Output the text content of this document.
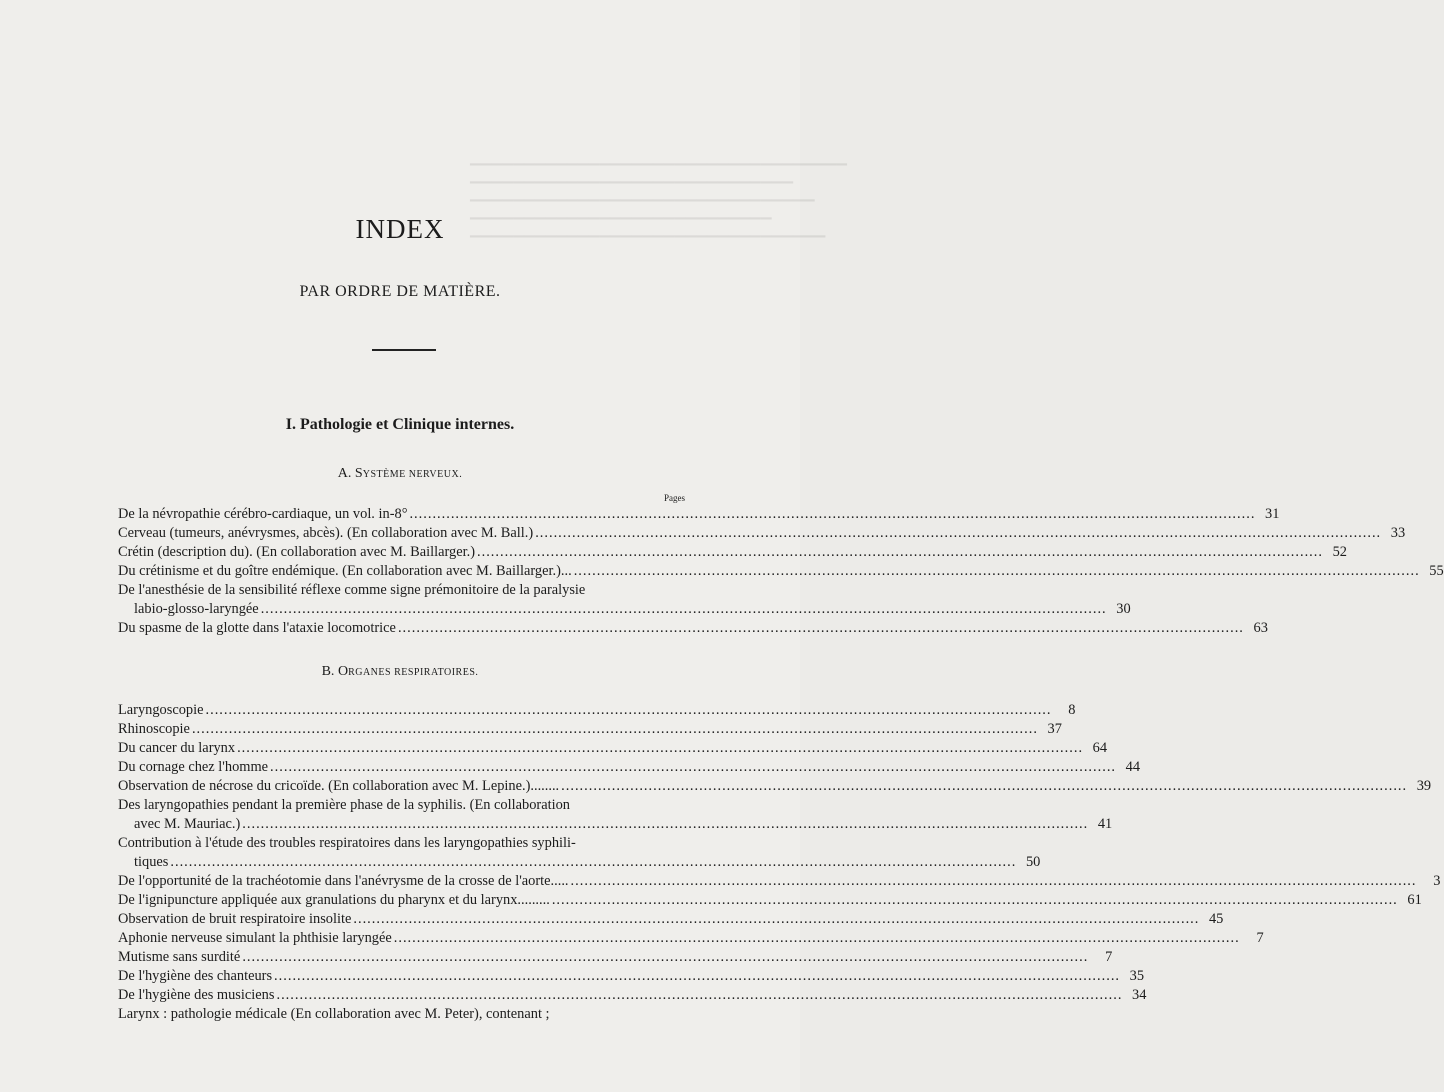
▁▁▁▁▁▁▁▁▁▁▁▁▁▁▁▁▁▁▁▁▁▁▁▁▁▁▁▁▁▁▁▁▁▁▁
▁▁▁▁▁▁▁▁▁▁▁▁▁▁▁▁▁▁▁▁▁▁▁▁▁▁▁▁▁▁
▁▁▁▁▁▁▁▁▁▁▁▁▁▁▁▁▁▁▁▁▁▁▁▁▁▁▁▁▁▁▁▁
▁▁▁▁▁▁▁▁▁▁▁▁▁▁▁▁▁▁▁▁▁▁▁▁▁▁▁▁
▁▁▁▁▁▁▁▁▁▁▁▁▁▁▁▁▁▁▁▁▁▁▁▁▁▁▁▁▁▁▁▁▁
INDEX
PAR ORDRE DE MATIÈRE.
I. Pathologie et Clinique internes.
A. SYSTÈME NERVEUX.
Pages
De la névropathie cérébro-cardiaque, un vol. in-8° .....	31
Cerveau (tumeurs, anévrysmes, abcès). (En collaboration avec M. Ball.) .....	33
Crétin (description du). (En collaboration avec M. Baillarger.) .....	52
Du crétinisme et du goître endémique. (En collaboration avec M. Baillarger.)... .....	55
De l'anesthésie de la sensibilité réflexe comme signe prémonitoire de la paralysie
labio-glosso-laryngée .....	30
Du spasme de la glotte dans l'ataxie locomotrice .....	63
B. ORGANES RESPIRATOIRES.
Laryngoscopie .....	8
Rhinoscopie .....	37
Du cancer du larynx .....	64
Du cornage chez l'homme .....	44
Observation de nécrose du cricoïde. (En collaboration avec M. Lepine.)........ .....	39
Des laryngopathies pendant la première phase de la syphilis. (En collaboration
avec M. Mauriac.) .....	41
Contribution à l'étude des troubles respiratoires dans les laryngopathies syphili-
tiques .....	50
De l'opportunité de la trachéotomie dans l'anévrysme de la crosse de l'aorte..... .....	3
De l'ignipuncture appliquée aux granulations du pharynx et du larynx......... .....	61
Observation de bruit respiratoire insolite .....	45
Aphonie nerveuse simulant la phthisie laryngée .....	7
Mutisme sans surdité .....	7
De l'hygiène des chanteurs .....	35
De l'hygiène des musiciens .....	34
Larynx : pathologie médicale (En collaboration avec M. Peter), contenant ;
